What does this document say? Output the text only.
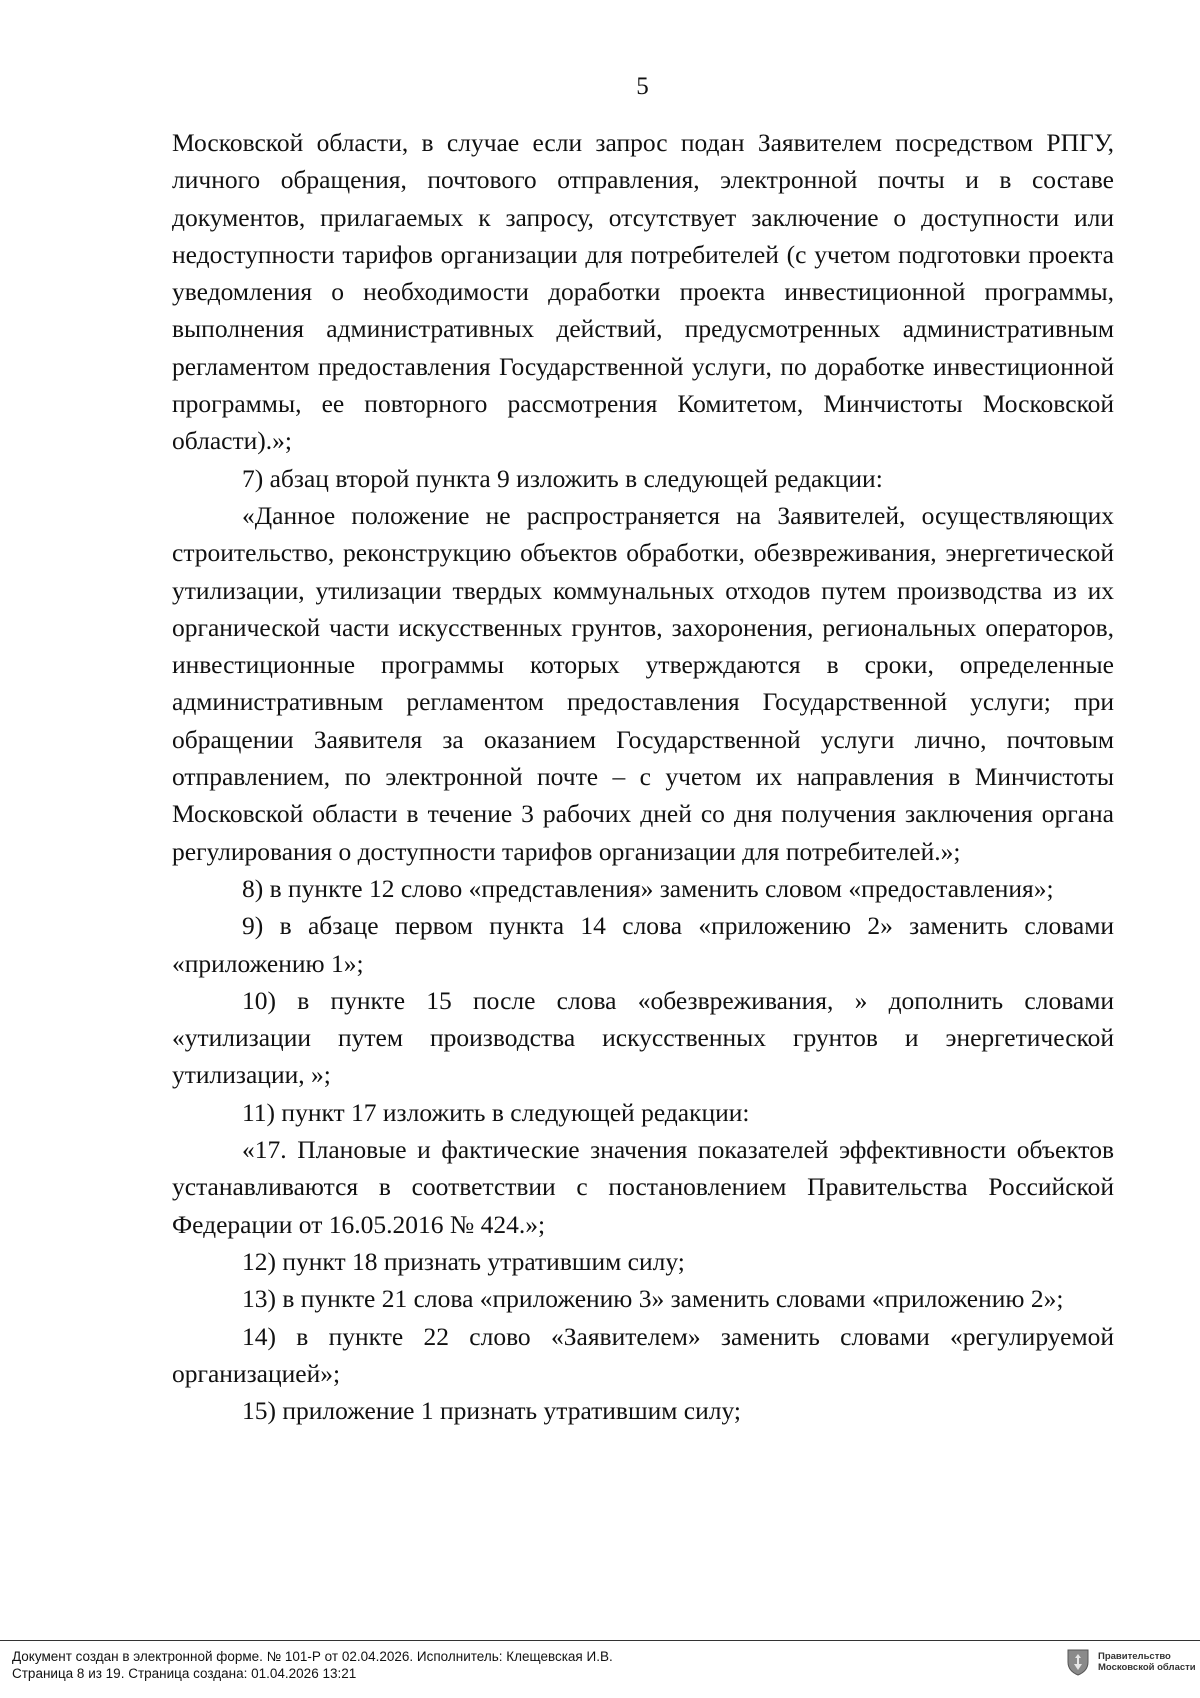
5

Московской области, в случае если запрос подан Заявителем посредством РПГУ, личного обращения, почтового отправления, электронной почты и в составе документов, прилагаемых к запросу, отсутствует заключение о доступности или недоступности тарифов организации для потребителей (с учетом подготовки проекта уведомления о необходимости доработки проекта инвестиционной программы, выполнения административных действий, предусмотренных административным регламентом предоставления Государственной услуги, по доработке инвестиционной программы, ее повторного рассмотрения Комитетом, Минчистоты Московской области).»;

7) абзац второй пункта 9 изложить в следующей редакции:

«Данное положение не распространяется на Заявителей, осуществляющих строительство, реконструкцию объектов обработки, обезвреживания, энергетической утилизации, утилизации твердых коммунальных отходов путем производства из их органической части искусственных грунтов, захоронения, региональных операторов, инвестиционные программы которых утверждаются в сроки, определенные административным регламентом предоставления Государственной услуги; при обращении Заявителя за оказанием Государственной услуги лично, почтовым отправлением, по электронной почте – с учетом их направления в Минчистоты Московской области в течение 3 рабочих дней со дня получения заключения органа регулирования о доступности тарифов организации для потребителей.»;

8) в пункте 12 слово «представления» заменить словом «предоставления»;

9) в абзаце первом пункта 14 слова «приложению 2» заменить словами «приложению 1»;

10) в пункте 15 после слова «обезвреживания, » дополнить словами «утилизации путем производства искусственных грунтов и энергетической утилизации, »;

11) пункт 17 изложить в следующей редакции:

«17. Плановые и фактические значения показателей эффективности объектов устанавливаются в соответствии с постановлением Правительства Российской Федерации от 16.05.2016 № 424.»;

12) пункт 18 признать утратившим силу;

13) в пункте 21 слова «приложению 3» заменить словами «приложению 2»;

14) в пункте 22 слово «Заявителем» заменить словами «регулируемой организацией»;

15) приложение 1 признать утратившим силу;

Документ создан в электронной форме. № 101-Р от 02.04.2026. Исполнитель: Клещевская И.В.
Страница 8 из 19. Страница создана: 01.04.2026 13:21
Правительство
Московской области
